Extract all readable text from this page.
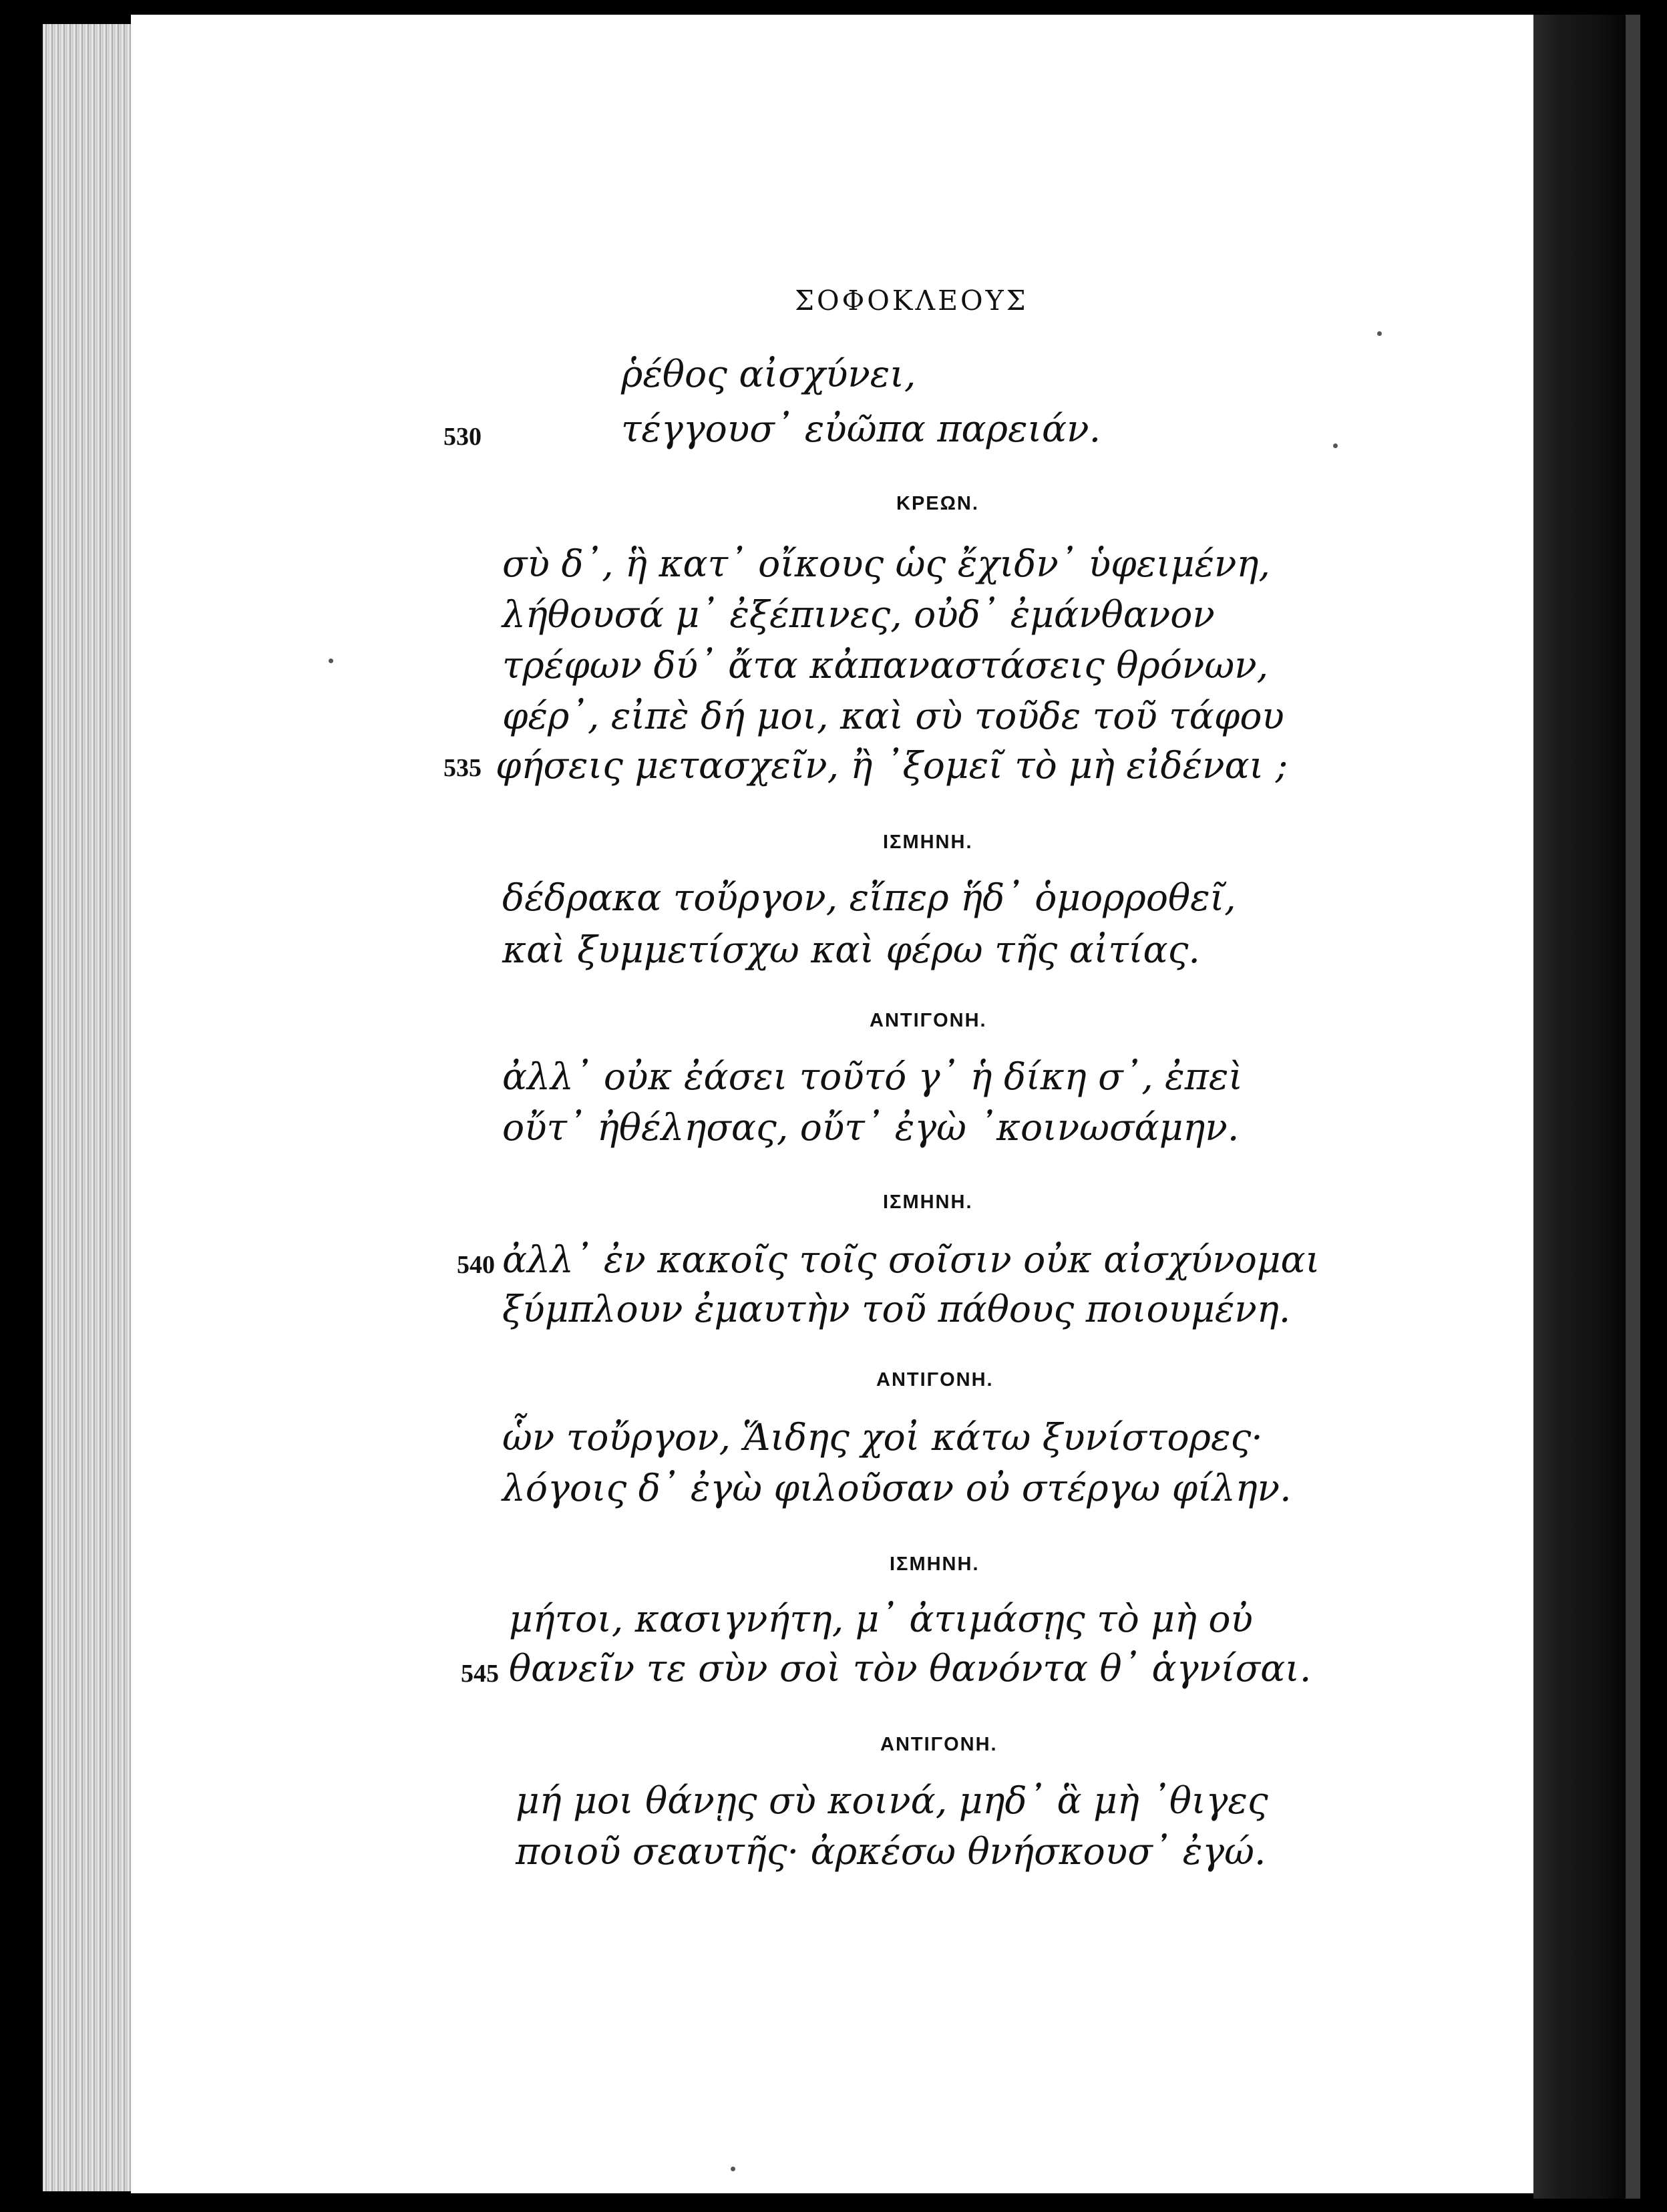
ΣΟΦΟΚΛΕΟΥΣ
ῥέθος αἰσχύνει,
530	τέγγουσ᾽ εὐῶπα παρειάν.
ΚΡΕΩΝ.
σὺ δ᾽, ἣ κατ᾽ οἴκους ὡς ἔχιδν᾽ ὑφειμένη,
λήθουσά μ᾽ ἐξέπινες, οὐδ᾽ ἐμάνθανον
τρέφων δύ᾽ ἄτα κἀπαναστάσεις θρόνων,
φέρ᾽, εἰπὲ δή μοι, καὶ σὺ τοῦδε τοῦ τάφου
535 φήσεις μετασχεῖν, ἢ ᾽ξομεῖ τὸ μὴ εἰδέναι ;
ΙΣΜΗΝΗ.
δέδρακα τοὔργον, εἴπερ ἥδ᾽ ὁμορροθεῖ,
καὶ ξυμμετίσχω καὶ φέρω τῆς αἰτίας.
ΑΝΤΙΓΟΝΗ.
ἀλλ᾽ οὐκ ἐάσει τοῦτό γ᾽ ἡ δίκη σ᾽, ἐπεὶ
οὔτ᾽ ἠθέλησας, οὔτ᾽ ἐγὼ ᾽κοινωσάμην.
ΙΣΜΗΝΗ.
540 ἀλλ᾽ ἐν κακοῖς τοῖς σοῖσιν οὐκ αἰσχύνομαι
ξύμπλουν ἐμαυτὴν τοῦ πάθους ποιουμένη.
ΑΝΤΙΓΟΝΗ.
ὧν τοὔργον, Ἅιδης χοἰ κάτω ξυνίστορες·
λόγοις δ᾽ ἐγὼ φιλοῦσαν οὐ στέργω φίλην.
ΙΣΜΗΝΗ.
μήτοι, κασιγνήτη, μ᾽ ἀτιμάσῃς τὸ μὴ οὐ
545 θανεῖν τε σὺν σοὶ τὸν θανόντα θ᾽ ἁγνίσαι.
ΑΝΤΙΓΟΝΗ.
μή μοι θάνῃς σὺ κοινά, μηδ᾽ ἃ μὴ ᾽θιγες
ποιοῦ σεαυτῆς· ἀρκέσω θνήσκουσ᾽ ἐγώ.
